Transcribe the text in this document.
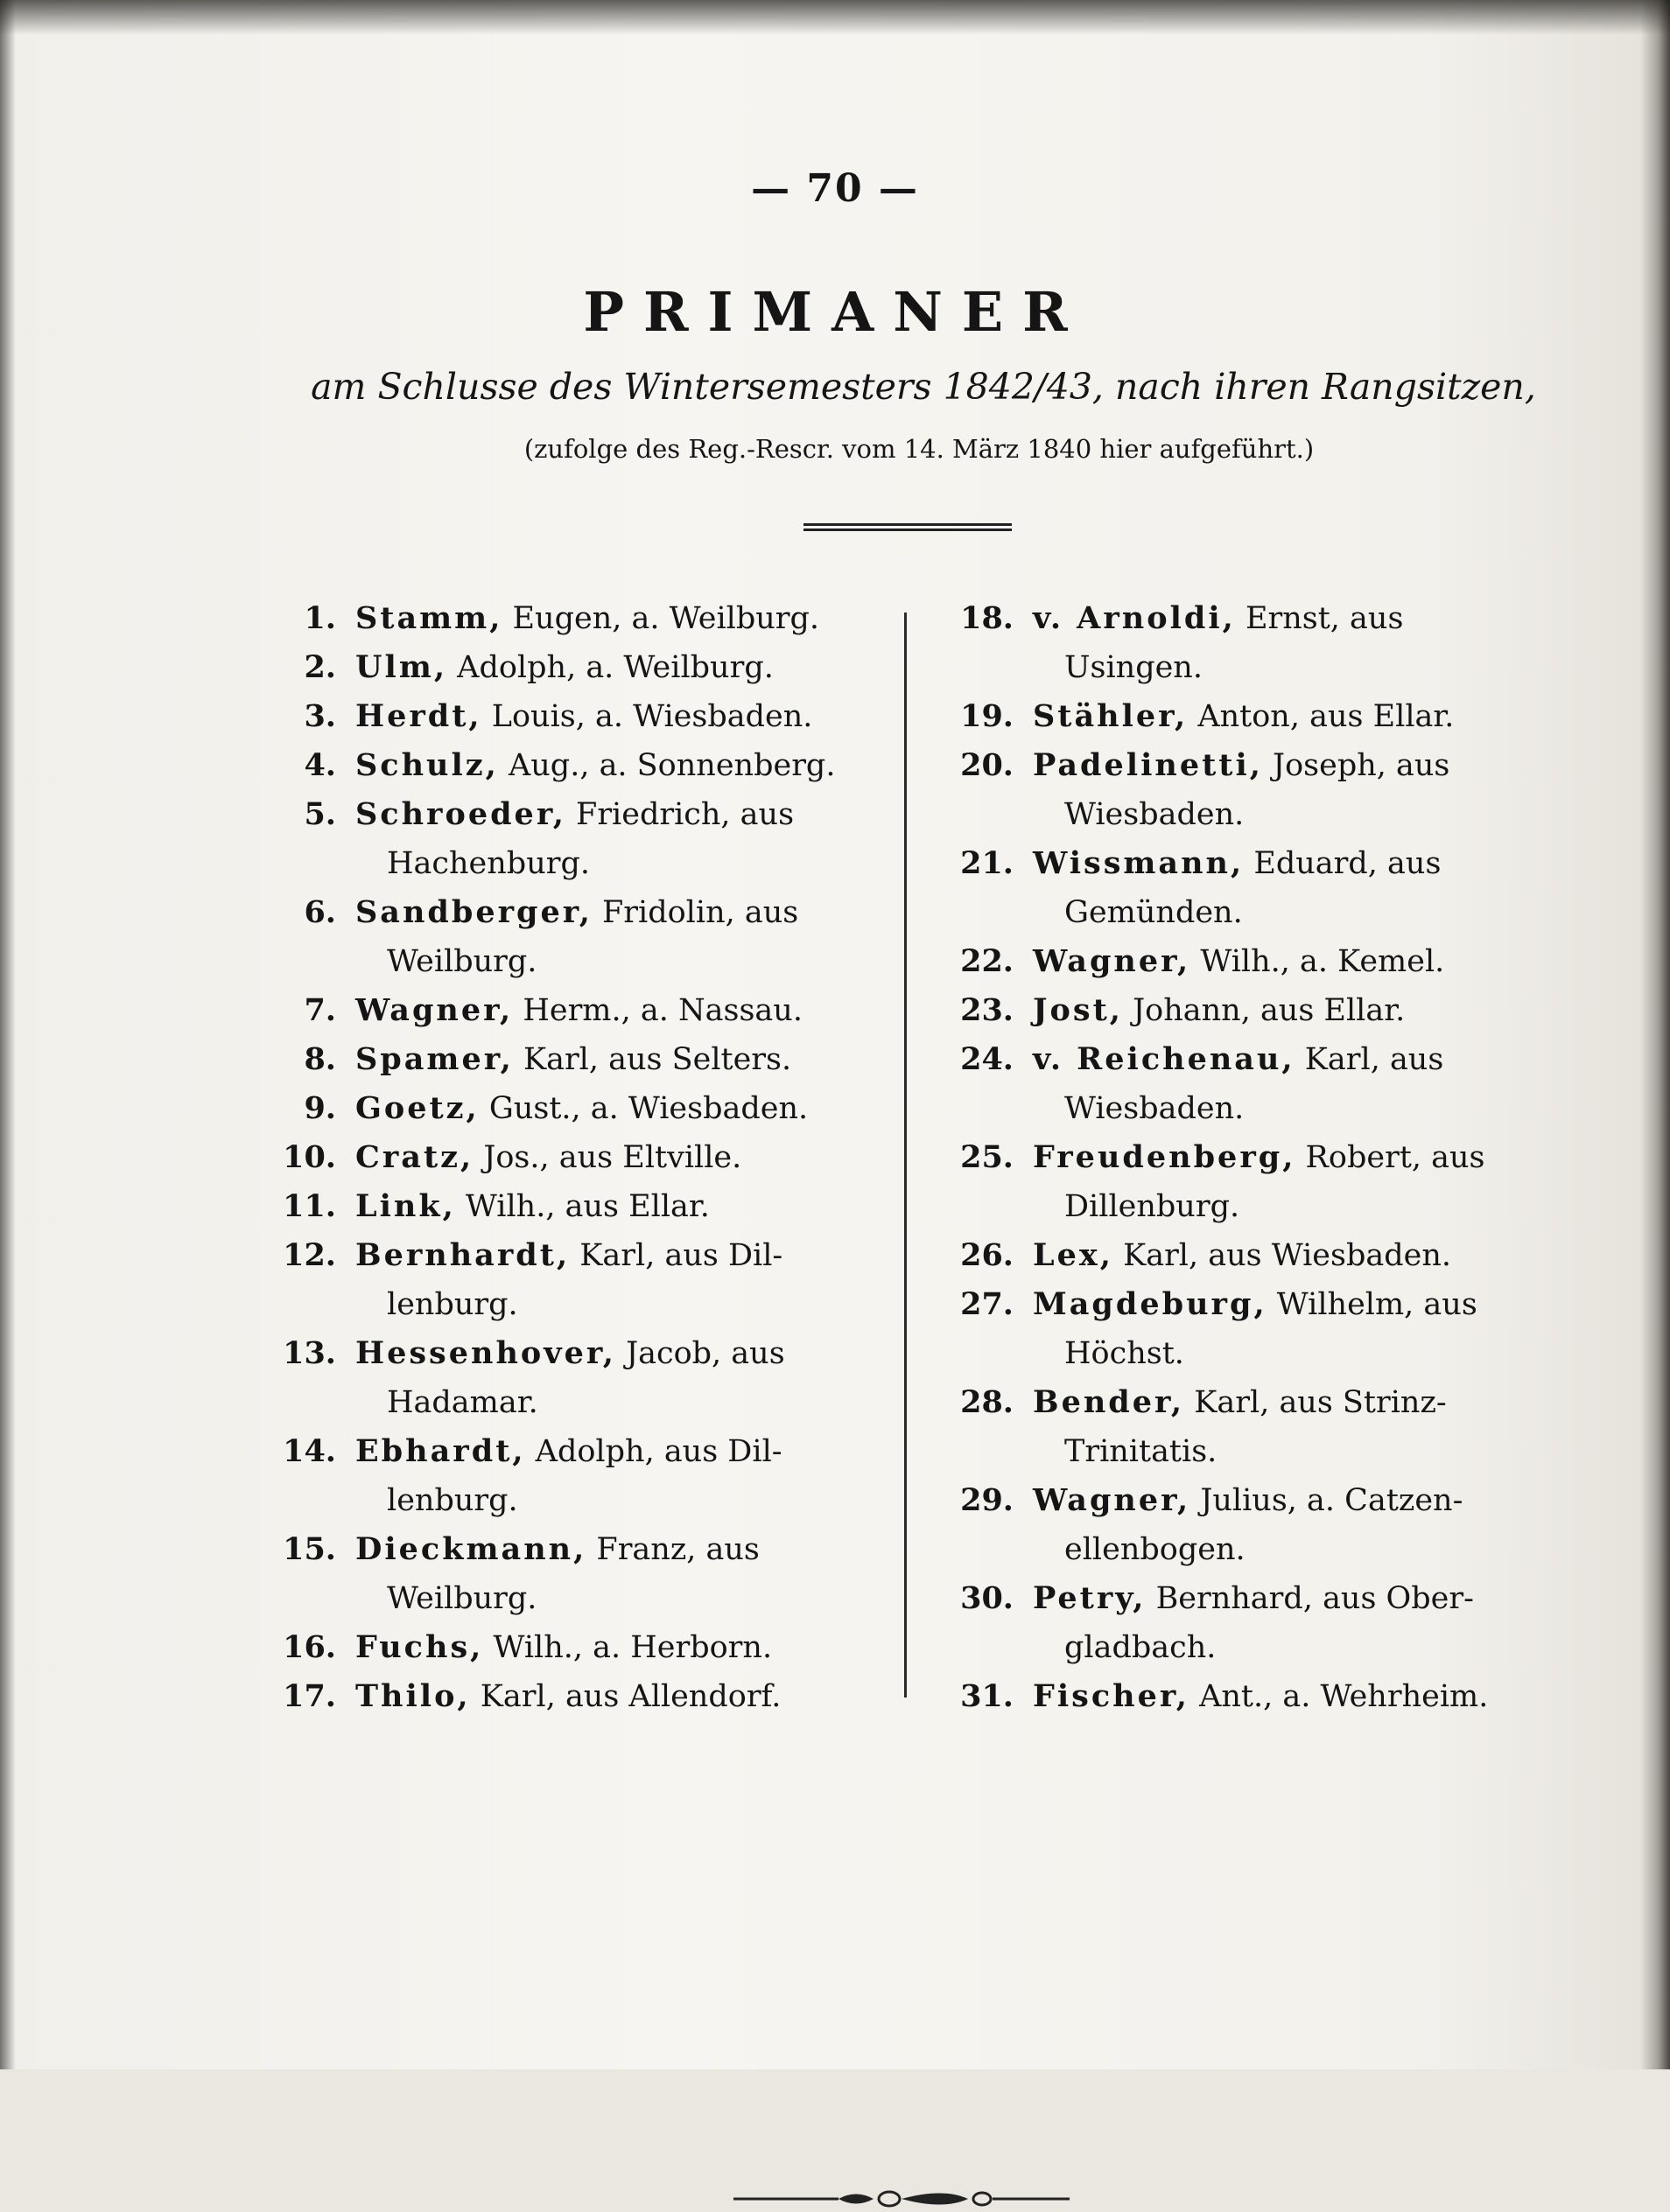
— 70 —
PRIMANER
am Schlusse des Wintersemesters 1842/43, nach ihren Rangsitzen,
(zufolge des Reg.-Rescr. vom 14. März 1840 hier aufgeführt.)
1. Stamm, Eugen, a. Weilburg.
2. Ulm, Adolph, a. Weilburg.
3. Herdt, Louis, a. Wiesbaden.
4. Schulz, Aug., a. Sonnenberg.
5. Schroeder, Friedrich, aus
Hachenburg.
6. Sandberger, Fridolin, aus
Weilburg.
7. Wagner, Herm., a. Nassau.
8. Spamer, Karl, aus Selters.
9. Goetz, Gust., a. Wiesbaden.
10. Cratz, Jos., aus Eltville.
11. Link, Wilh., aus Ellar.
12. Bernhardt, Karl, aus Dil-
lenburg.
13. Hessenhover, Jacob, aus
Hadamar.
14. Ebhardt, Adolph, aus Dil-
lenburg.
15. Dieckmann, Franz, aus
Weilburg.
16. Fuchs, Wilh., a. Herborn.
17. Thilo, Karl, aus Allendorf.
18. v. Arnoldi, Ernst, aus
Usingen.
19. Stähler, Anton, aus Ellar.
20. Padelinetti, Joseph, aus
Wiesbaden.
21. Wissmann, Eduard, aus
Gemünden.
22. Wagner, Wilh., a. Kemel.
23. Jost, Johann, aus Ellar.
24. v. Reichenau, Karl, aus
Wiesbaden.
25. Freudenberg, Robert, aus
Dillenburg.
26. Lex, Karl, aus Wiesbaden.
27. Magdeburg, Wilhelm, aus
Höchst.
28. Bender, Karl, aus Strinz-
Trinitatis.
29. Wagner, Julius, a. Catzen-
ellenbogen.
30. Petry, Bernhard, aus Ober-
gladbach.
31. Fischer, Ant., a. Wehrheim.
